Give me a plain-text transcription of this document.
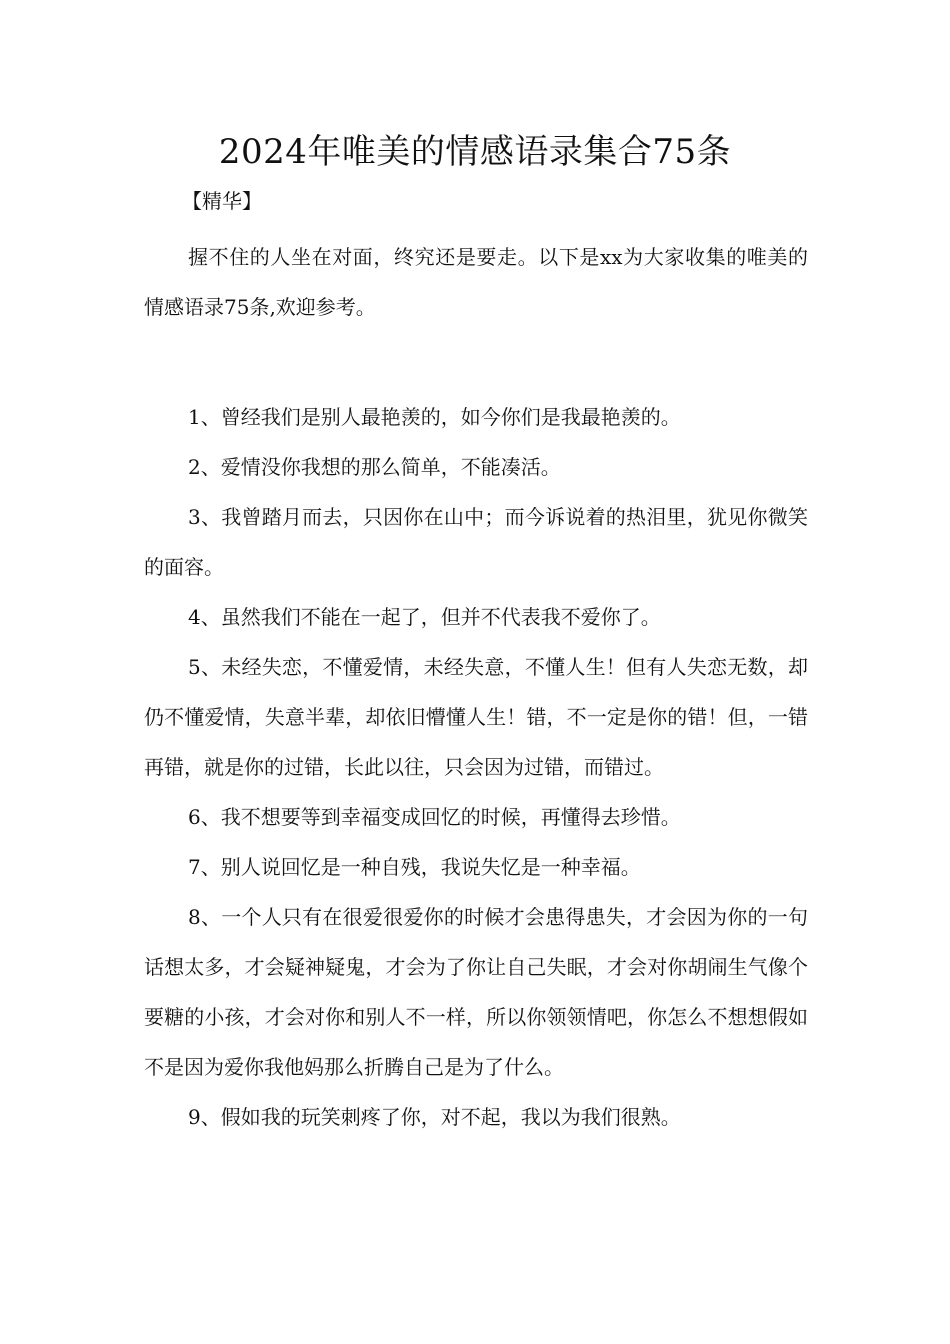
2024年唯美的情感语录集合75条
【精华】

握不住的人坐在对面，终究还是要走。以下是xx为大家收集的唯美的情感语录75条,欢迎参考。

1、曾经我们是别人最艳羡的，如今你们是我最艳羡的。

2、爱情没你我想的那么简单，不能凑活。

3、我曾踏月而去，只因你在山中；而今诉说着的热泪里，犹见你微笑的面容。

4、虽然我们不能在一起了，但并不代表我不爱你了。

5、未经失恋，不懂爱情，未经失意，不懂人生！但有人失恋无数，却仍不懂爱情，失意半辈，却依旧懵懂人生！错，不一定是你的错！但，一错再错，就是你的过错，长此以往，只会因为过错，而错过。

6、我不想要等到幸福变成回忆的时候，再懂得去珍惜。

7、别人说回忆是一种自残，我说失忆是一种幸福。

8、一个人只有在很爱很爱你的时候才会患得患失，才会因为你的一句话想太多，才会疑神疑鬼，才会为了你让自己失眠，才会对你胡闹生气像个要糖的小孩，才会对你和别人不一样，所以你领领情吧，你怎么不想想假如不是因为爱你我他妈那么折腾自己是为了什么。

9、假如我的玩笑刺疼了你，对不起，我以为我们很熟。
